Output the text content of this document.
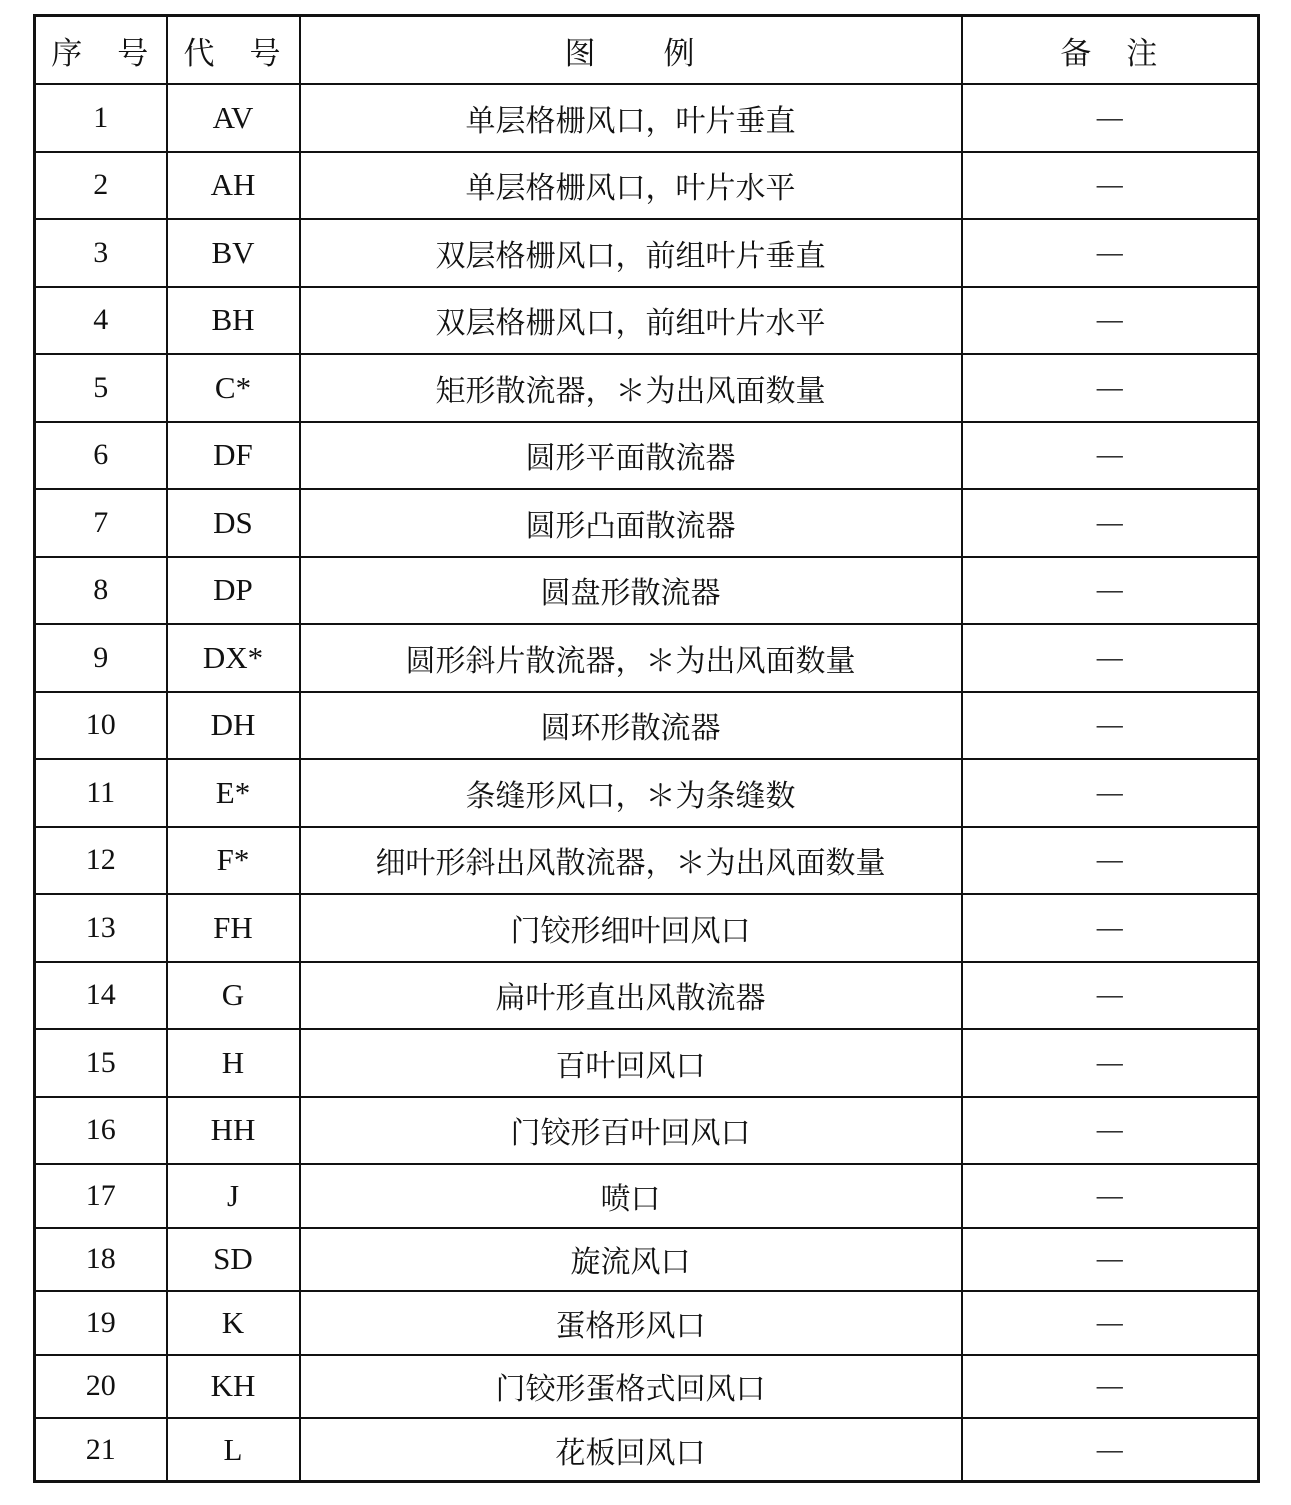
序　号	代　号	图　　例	备　注
1	AV	单层格栅风口，叶片垂直	—
2	AH	单层格栅风口，叶片水平	—
3	BV	双层格栅风口，前组叶片垂直	—
4	BH	双层格栅风口，前组叶片水平	—
5	C*	矩形散流器，＊为出风面数量	—
6	DF	圆形平面散流器	—
7	DS	圆形凸面散流器	—
8	DP	圆盘形散流器	—
9	DX*	圆形斜片散流器，＊为出风面数量	—
10	DH	圆环形散流器	—
11	E*	条缝形风口，＊为条缝数	—
12	F*	细叶形斜出风散流器，＊为出风面数量	—
13	FH	门铰形细叶回风口	—
14	G	扁叶形直出风散流器	—
15	H	百叶回风口	—
16	HH	门铰形百叶回风口	—
17	J	喷口	—
18	SD	旋流风口	—
19	K	蛋格形风口	—
20	KH	门铰形蛋格式回风口	—
21	L	花板回风口	—
